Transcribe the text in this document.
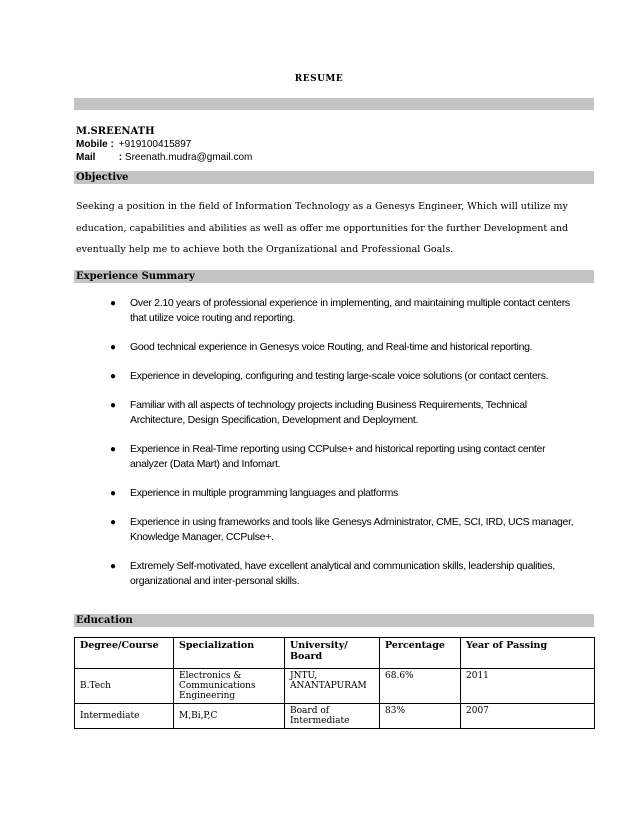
RESUME
M.SREENATH
Mobile : +919100415897
Mail : Sreenath.mudra@gmail.com
Objective
Seeking a position in the field of Information Technology as a Genesys Engineer, Which will utilize my education, capabilities and abilities as well as offer me opportunities for the further Development and eventually help me to achieve both the Organizational and Professional Goals.
Experience Summary
● Over 2.10 years of professional experience in implementing, and maintaining multiple contact centers that utilize voice routing and reporting.
● Good technical experience in Genesys voice Routing, and Real-time and historical reporting.
● Experience in developing, configuring and testing large-scale voice solutions (or contact centers.
● Familiar with all aspects of technology projects including Business Requirements, Technical Architecture, Design Specification, Development and Deployment.
● Experience in Real-Time reporting using CCPulse+ and historical reporting using contact center analyzer (Data Mart) and Infomart.
● Experience in multiple programming languages and platforms
● Experience in using frameworks and tools like Genesys Administrator, CME, SCI, IRD, UCS manager, Knowledge Manager, CCPulse+.
● Extremely Self-motivated, have excellent analytical and communication skills, leadership qualities, organizational and inter-personal skills.
Education
Degree/Course	Specialization	University/ Board	Percentage	Year of Passing
B.Tech	Electronics & Communications Engineering	JNTU, ANANTAPURAM	68.6%	2011
Intermediate	M,Bi,P,C	Board of Intermediate	83%	2007
